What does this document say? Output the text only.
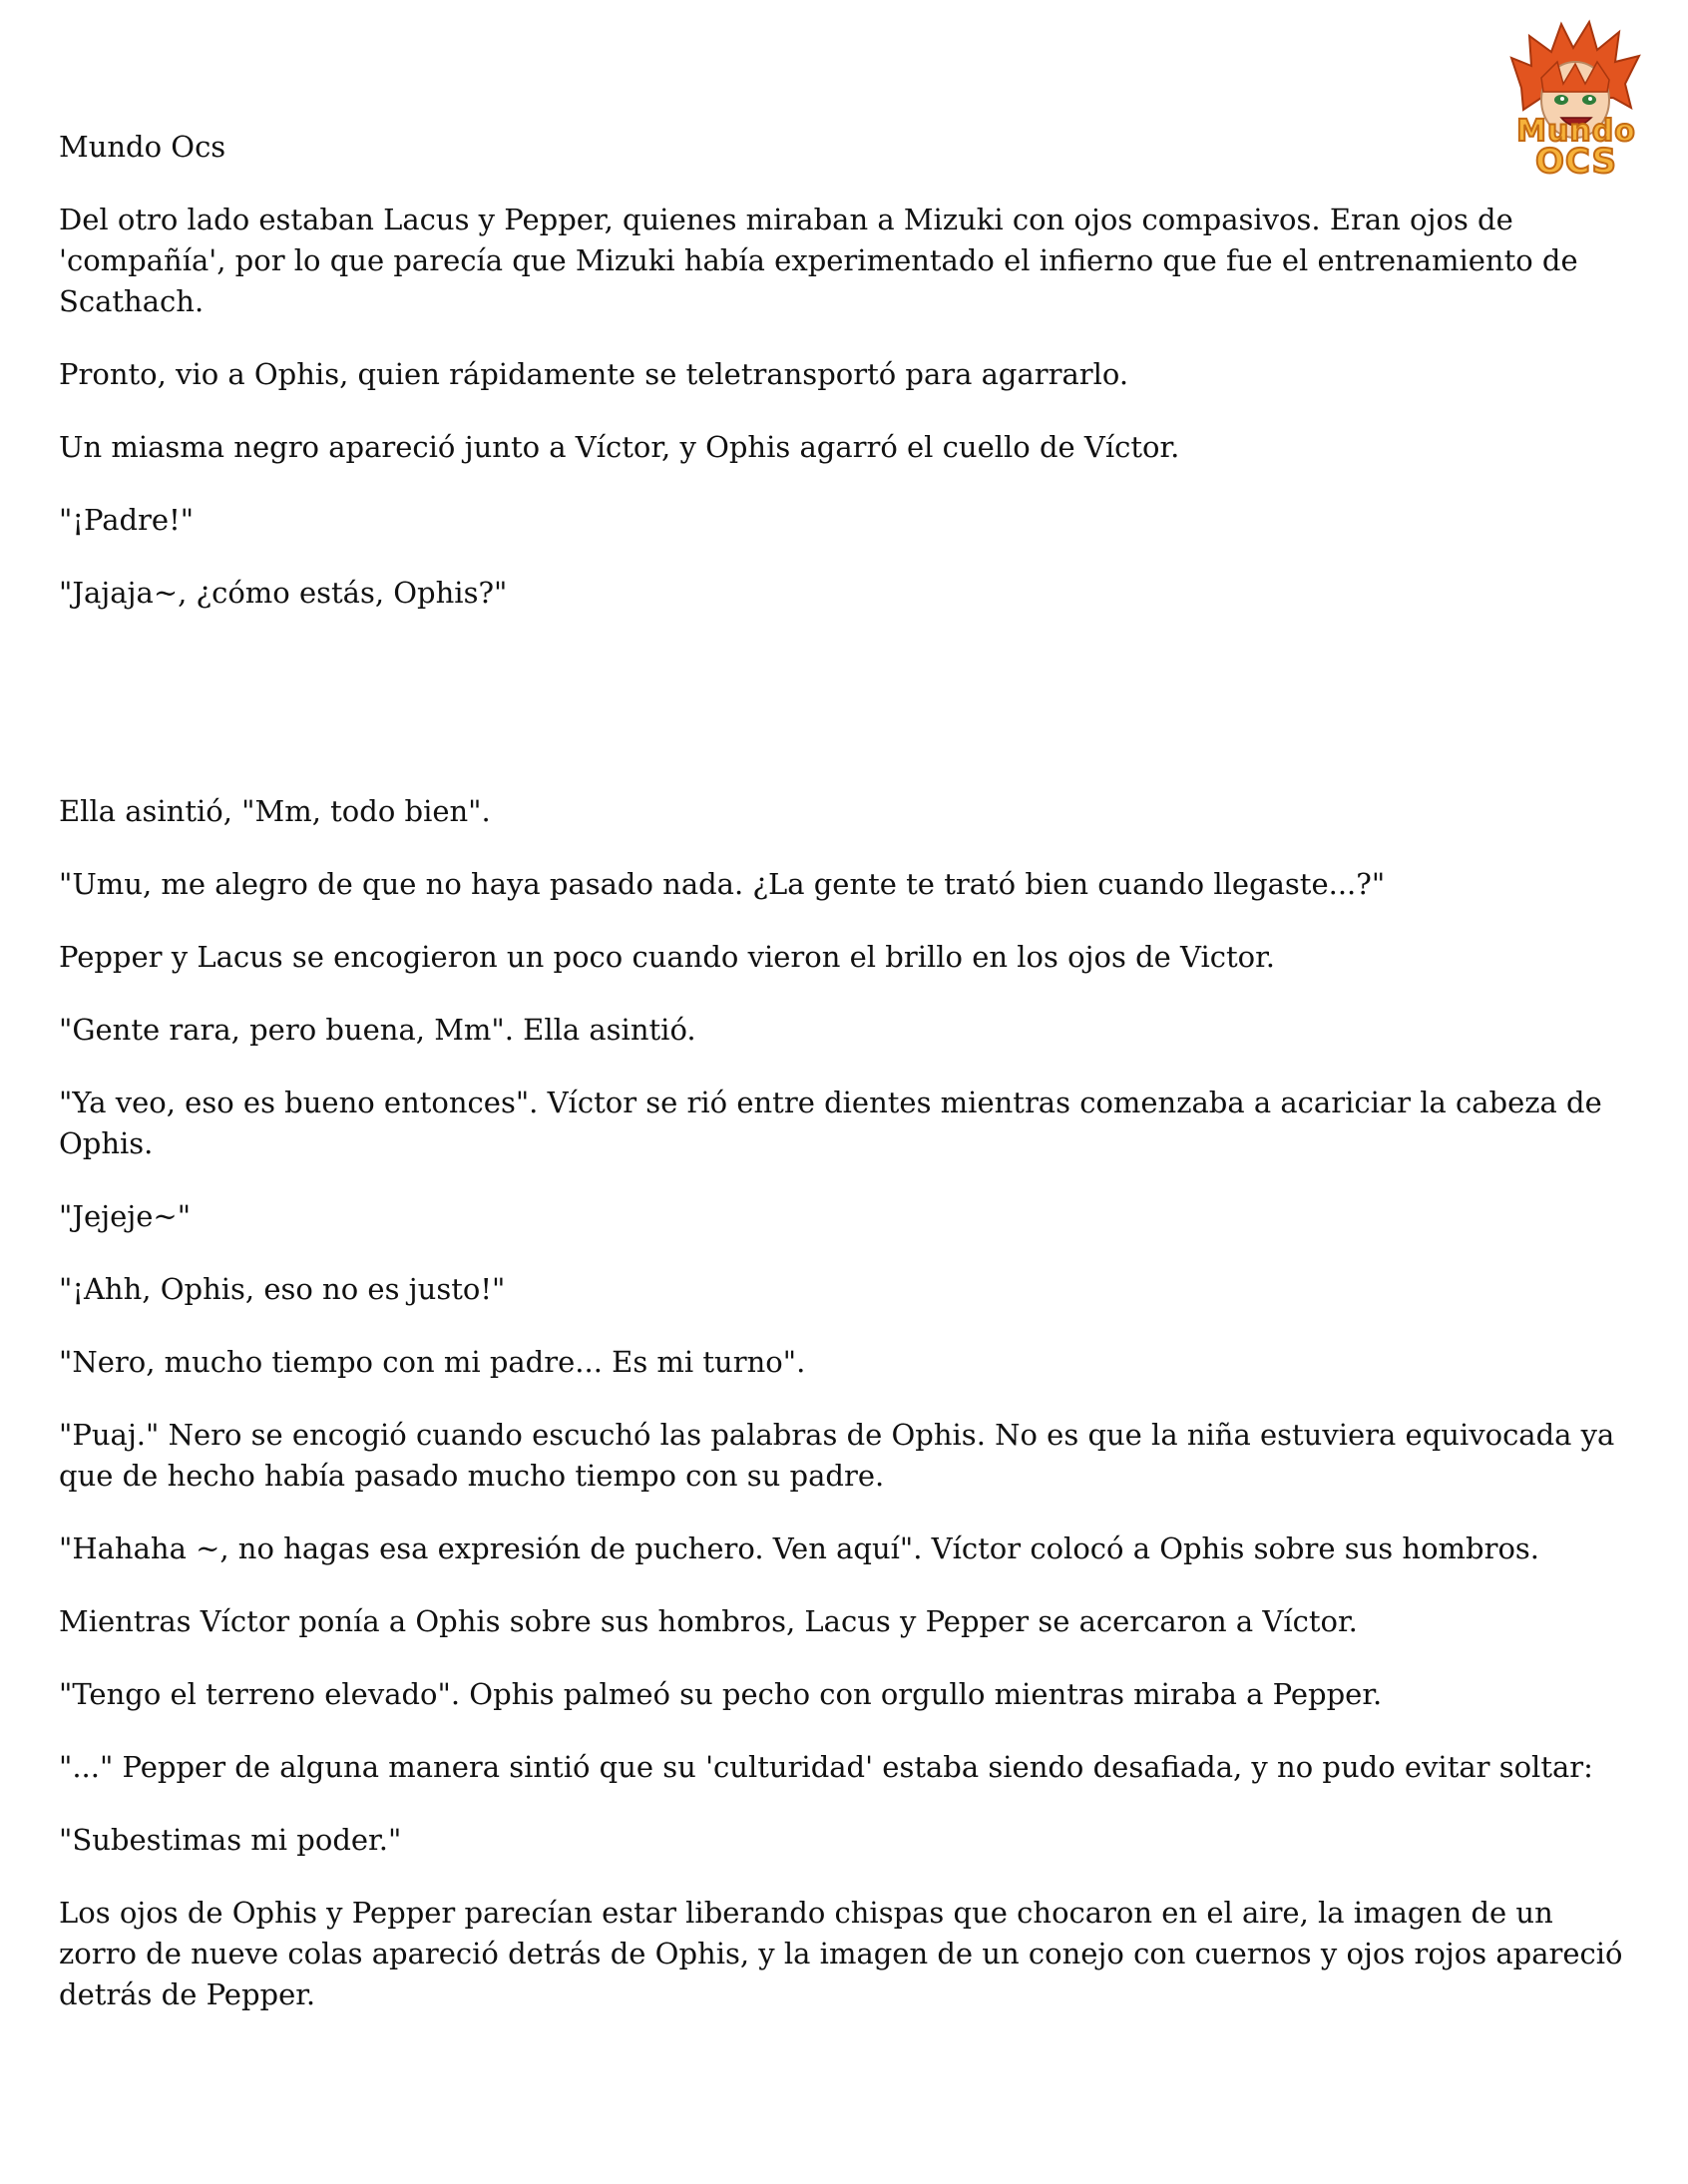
Mundo
OCS

Mundo Ocs

Del otro lado estaban Lacus y Pepper, quienes miraban a Mizuki con ojos compasivos. Eran ojos de 'compañía', por lo que parecía que Mizuki había experimentado el infierno que fue el entrenamiento de Scathach.

Pronto, vio a Ophis, quien rápidamente se teletransportó para agarrarlo.

Un miasma negro apareció junto a Víctor, y Ophis agarró el cuello de Víctor.

"¡Padre!"

"Jajaja~, ¿cómo estás, Ophis?"

Ella asintió, "Mm, todo bien".

"Umu, me alegro de que no haya pasado nada. ¿La gente te trató bien cuando llegaste...?"

Pepper y Lacus se encogieron un poco cuando vieron el brillo en los ojos de Victor.

"Gente rara, pero buena, Mm". Ella asintió.

"Ya veo, eso es bueno entonces". Víctor se rió entre dientes mientras comenzaba a acariciar la cabeza de Ophis.

"Jejeje~"

"¡Ahh, Ophis, eso no es justo!"

"Nero, mucho tiempo con mi padre... Es mi turno".

"Puaj." Nero se encogió cuando escuchó las palabras de Ophis. No es que la niña estuviera equivocada ya que de hecho había pasado mucho tiempo con su padre.

"Hahaha ~, no hagas esa expresión de puchero. Ven aquí". Víctor colocó a Ophis sobre sus hombros.

Mientras Víctor ponía a Ophis sobre sus hombros, Lacus y Pepper se acercaron a Víctor.

"Tengo el terreno elevado". Ophis palmeó su pecho con orgullo mientras miraba a Pepper.

"..." Pepper de alguna manera sintió que su 'culturidad' estaba siendo desafiada, y no pudo evitar soltar:

"Subestimas mi poder."

Los ojos de Ophis y Pepper parecían estar liberando chispas que chocaron en el aire, la imagen de un zorro de nueve colas apareció detrás de Ophis, y la imagen de un conejo con cuernos y ojos rojos apareció detrás de Pepper.
